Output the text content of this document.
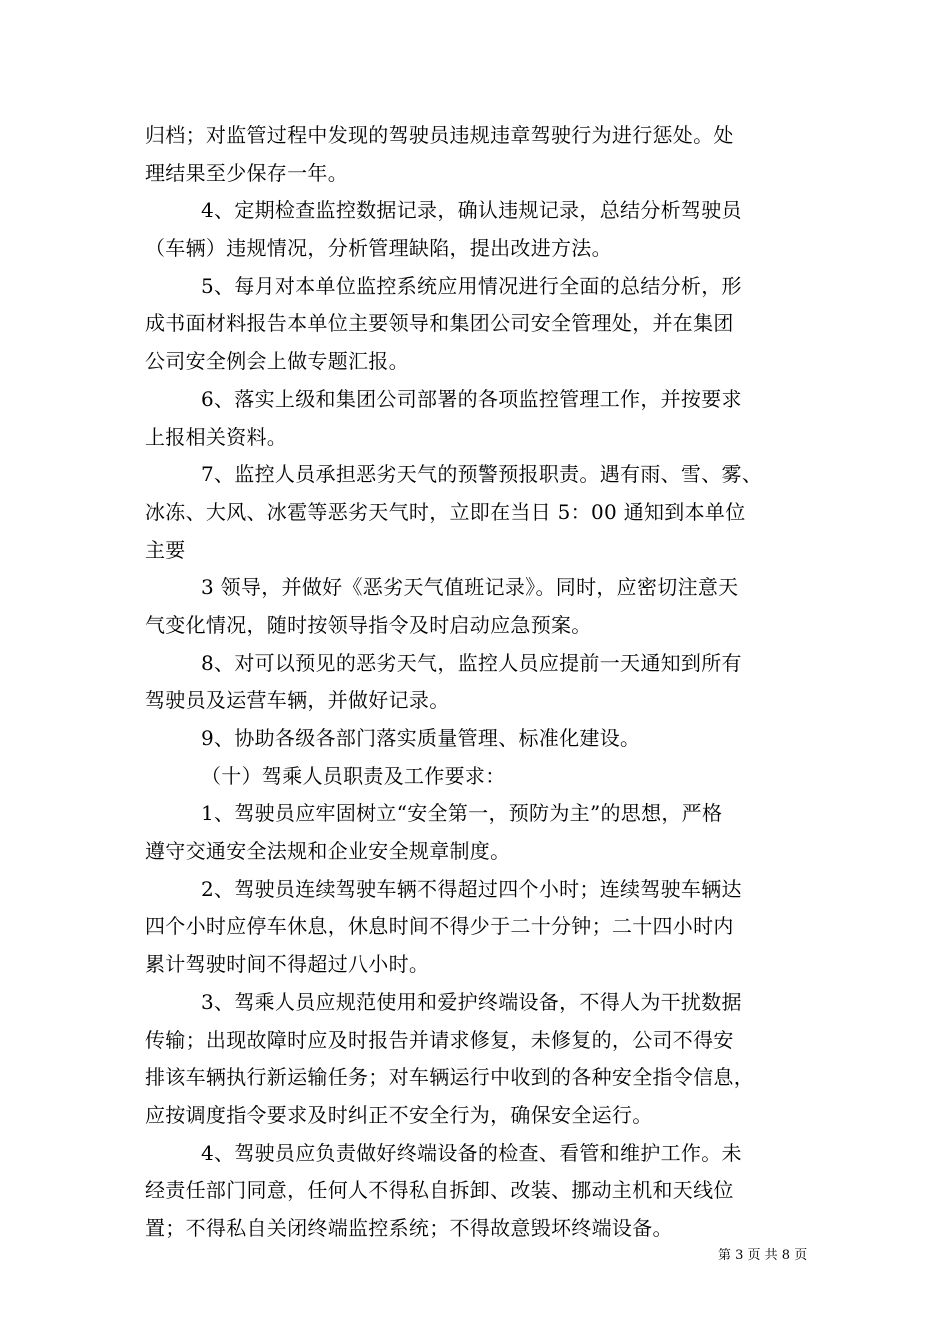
归档；对监管过程中发现的驾驶员违规违章驾驶行为进行惩处。处
理结果至少保存一年。
4、定期检查监控数据记录，确认违规记录，总结分析驾驶员
（车辆）违规情况，分析管理缺陷，提出改进方法。
5、每月对本单位监控系统应用情况进行全面的总结分析，形
成书面材料报告本单位主要领导和集团公司安全管理处，并在集团
公司安全例会上做专题汇报。
6、落实上级和集团公司部署的各项监控管理工作，并按要求
上报相关资料。
7、监控人员承担恶劣天气的预警预报职责。遇有雨、雪、雾、
冰冻、大风、冰雹等恶劣天气时，立即在当日 5：00 通知到本单位
主要
3 领导，并做好《恶劣天气值班记录》。同时，应密切注意天
气变化情况，随时按领导指令及时启动应急预案。
8、对可以预见的恶劣天气，监控人员应提前一天通知到所有
驾驶员及运营车辆，并做好记录。
9、协助各级各部门落实质量管理、标准化建设。
（十）驾乘人员职责及工作要求：
1、驾驶员应牢固树立“安全第一，预防为主”的思想，严格
遵守交通安全法规和企业安全规章制度。
2、驾驶员连续驾驶车辆不得超过四个小时；连续驾驶车辆达
四个小时应停车休息，休息时间不得少于二十分钟；二十四小时内
累计驾驶时间不得超过八小时。
3、驾乘人员应规范使用和爱护终端设备，不得人为干扰数据
传输；出现故障时应及时报告并请求修复，未修复的，公司不得安
排该车辆执行新运输任务；对车辆运行中收到的各种安全指令信息，
应按调度指令要求及时纠正不安全行为，确保安全运行。
4、驾驶员应负责做好终端设备的检查、看管和维护工作。未
经责任部门同意，任何人不得私自拆卸、改装、挪动主机和天线位
置；不得私自关闭终端监控系统；不得故意毁坏终端设备。
第 3 页 共 8 页
